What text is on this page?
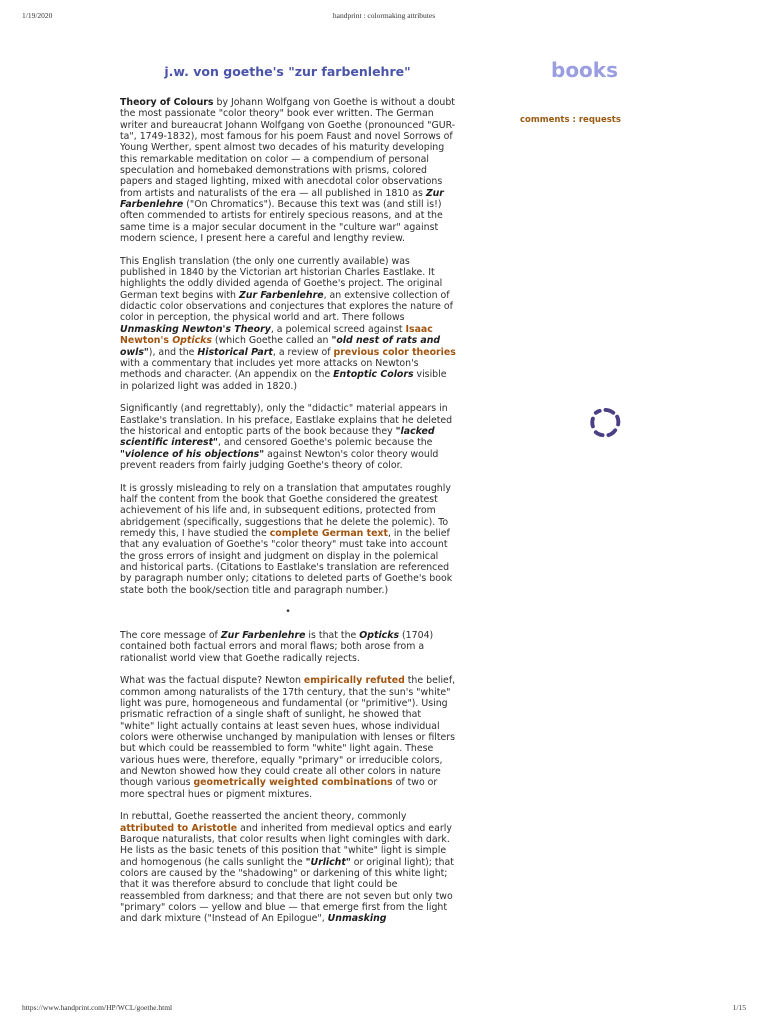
1/19/2020	handprint : colormaking attributes
j.w. von goethe's "zur farbenlehre"	books
comments : requests

Theory of Colours by Johann Wolfgang von Goethe is without a doubt the most passionate "color theory" book ever written. The German writer and bureaucrat Johann Wolfgang von Goethe (pronounced "GUR-ta", 1749-1832), most famous for his poem Faust and novel Sorrows of Young Werther, spent almost two decades of his maturity developing this remarkable meditation on color — a compendium of personal speculation and homebaked demonstrations with prisms, colored papers and staged lighting, mixed with anecdotal color observations from artists and naturalists of the era — all published in 1810 as Zur Farbenlehre ("On Chromatics"). Because this text was (and still is!) often commended to artists for entirely specious reasons, and at the same time is a major secular document in the "culture war" against modern science, I present here a careful and lengthy review.

This English translation (the only one currently available) was published in 1840 by the Victorian art historian Charles Eastlake. It highlights the oddly divided agenda of Goethe's project. The original German text begins with Zur Farbenlehre, an extensive collection of didactic color observations and conjectures that explores the nature of color in perception, the physical world and art. There follows Unmasking Newton's Theory, a polemical screed against Isaac Newton's Opticks (which Goethe called an "old nest of rats and owls"), and the Historical Part, a review of previous color theories with a commentary that includes yet more attacks on Newton's methods and character. (An appendix on the Entoptic Colors visible in polarized light was added in 1820.)

Significantly (and regrettably), only the "didactic" material appears in Eastlake's translation. In his preface, Eastlake explains that he deleted the historical and entoptic parts of the book because they "lacked scientific interest", and censored Goethe's polemic because the "violence of his objections" against Newton's color theory would prevent readers from fairly judging Goethe's theory of color.

It is grossly misleading to rely on a translation that amputates roughly half the content from the book that Goethe considered the greatest achievement of his life and, in subsequent editions, protected from abridgement (specifically, suggestions that he delete the polemic). To remedy this, I have studied the complete German text, in the belief that any evaluation of Goethe's "color theory" must take into account the gross errors of insight and judgment on display in the polemical and historical parts. (Citations to Eastlake's translation are referenced by paragraph number only; citations to deleted parts of Goethe's book state both the book/section title and paragraph number.)

•

The core message of Zur Farbenlehre is that the Opticks (1704) contained both factual errors and moral flaws; both arose from a rationalist world view that Goethe radically rejects.

What was the factual dispute? Newton empirically refuted the belief, common among naturalists of the 17th century, that the sun's "white" light was pure, homogeneous and fundamental (or "primitive"). Using prismatic refraction of a single shaft of sunlight, he showed that "white" light actually contains at least seven hues, whose individual colors were otherwise unchanged by manipulation with lenses or filters but which could be reassembled to form "white" light again. These various hues were, therefore, equally "primary" or irreducible colors, and Newton showed how they could create all other colors in nature though various geometrically weighted combinations of two or more spectral hues or pigment mixtures.

In rebuttal, Goethe reasserted the ancient theory, commonly attributed to Aristotle and inherited from medieval optics and early Baroque naturalists, that color results when light comingles with dark. He lists as the basic tenets of this position that "white" light is simple and homogenous (he calls sunlight the "Urlicht" or original light); that colors are caused by the "shadowing" or darkening of this white light; that it was therefore absurd to conclude that light could be reassembled from darkness; and that there are not seven but only two "primary" colors — yellow and blue — that emerge first from the light and dark mixture ("Instead of An Epilogue", Unmasking

https://www.handprint.com/HP/WCL/goethe.html	1/15
